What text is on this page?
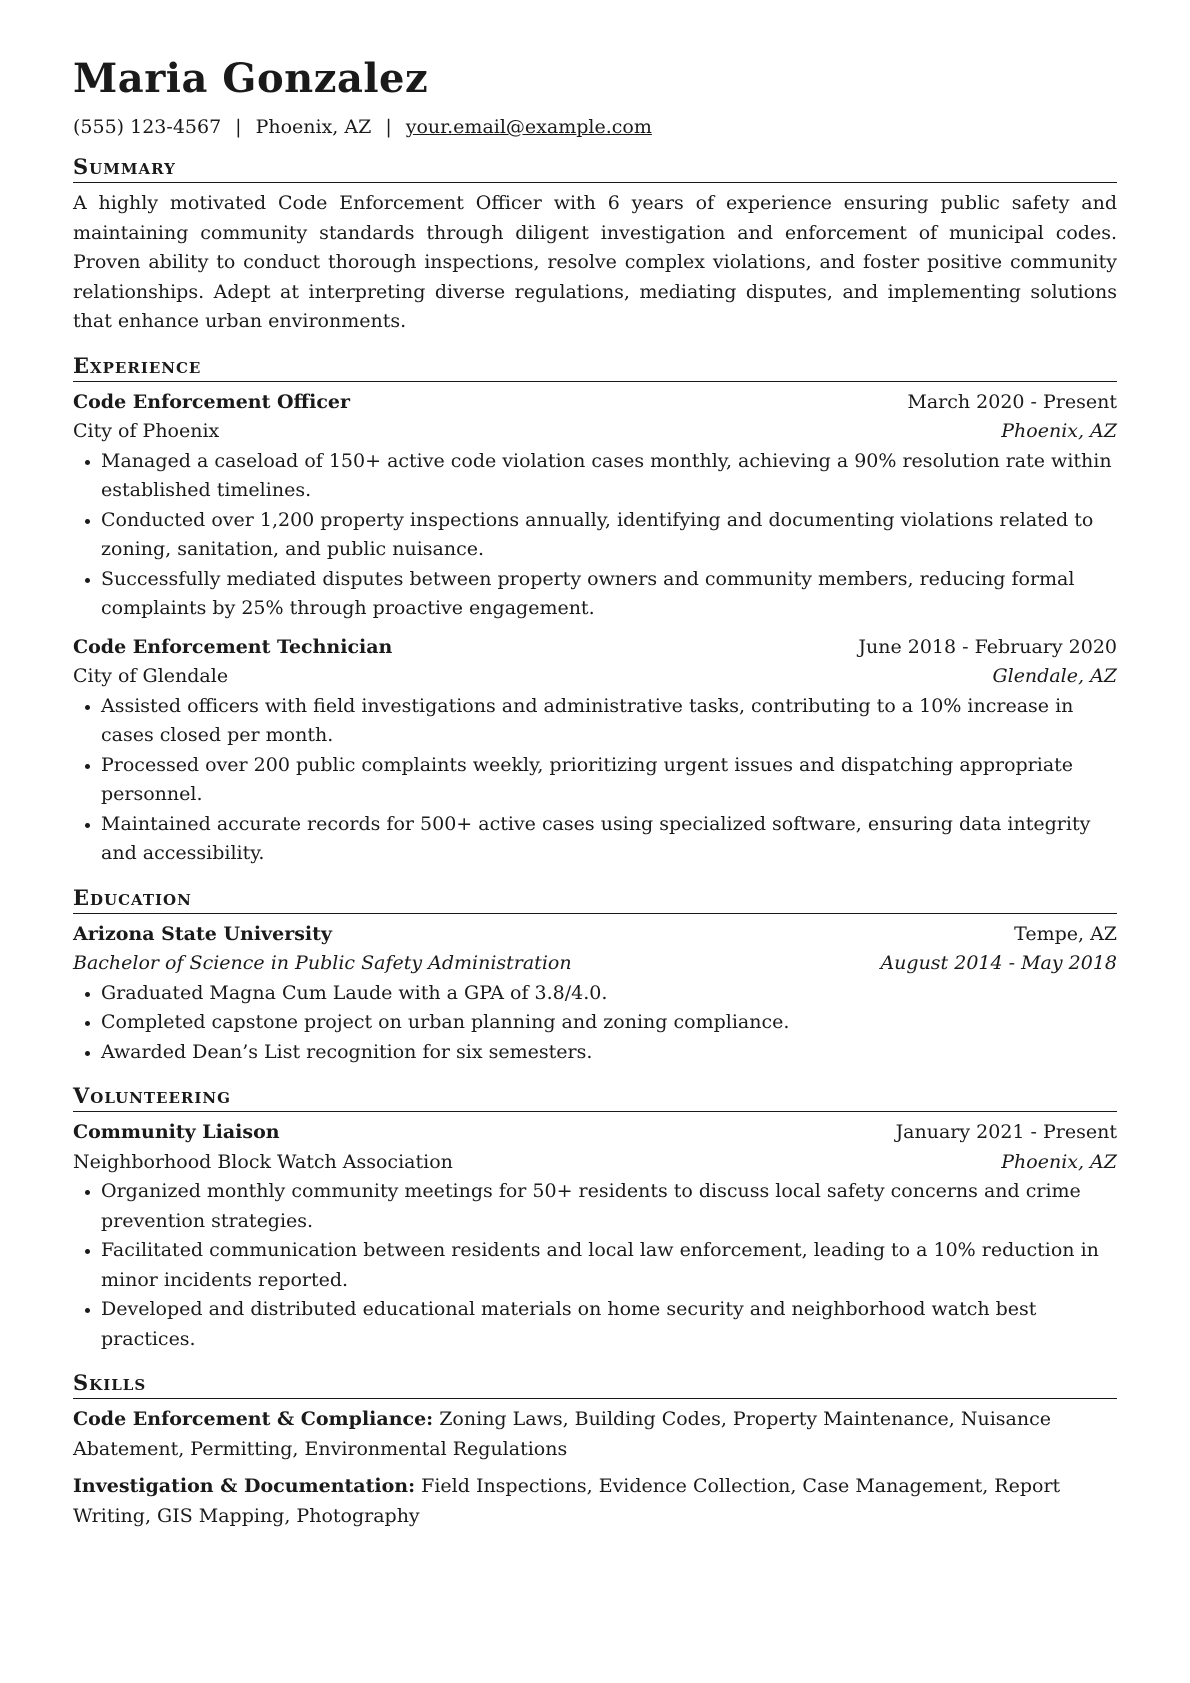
Maria Gonzalez
(555) 123-4567 | Phoenix, AZ | your.email@example.com
Summary

A highly motivated Code Enforcement Officer with 6 years of experience ensuring public safety and maintaining community standards through diligent investigation and enforcement of municipal codes. Proven ability to conduct thorough inspections, resolve complex violations, and foster positive community relationships. Adept at interpreting diverse regulations, mediating disputes, and implementing solutions that enhance urban environments.

Experience
Code Enforcement Officer	March 2020 - Present
City of Phoenix	Phoenix, AZ
• Managed a caseload of 150+ active code violation cases monthly, achieving a 90% resolution rate within established timelines.
• Conducted over 1,200 property inspections annually, identifying and documenting violations related to zoning, sanitation, and public nuisance.
• Successfully mediated disputes between property owners and community members, reducing formal complaints by 25% through proactive engagement.
Code Enforcement Technician	June 2018 - February 2020
City of Glendale	Glendale, AZ
• Assisted officers with field investigations and administrative tasks, contributing to a 10% increase in cases closed per month.
• Processed over 200 public complaints weekly, prioritizing urgent issues and dispatching appropriate personnel.
• Maintained accurate records for 500+ active cases using specialized software, ensuring data integrity and accessibility.
Education
Arizona State University	Tempe, AZ
Bachelor of Science in Public Safety Administration	August 2014 - May 2018
• Graduated Magna Cum Laude with a GPA of 3.8/4.0.
• Completed capstone project on urban planning and zoning compliance.
• Awarded Dean’s List recognition for six semesters.
Volunteering
Community Liaison	January 2021 - Present
Neighborhood Block Watch Association	Phoenix, AZ
• Organized monthly community meetings for 50+ residents to discuss local safety concerns and crime prevention strategies.
• Facilitated communication between residents and local law enforcement, leading to a 10% reduction in minor incidents reported.
• Developed and distributed educational materials on home security and neighborhood watch best practices.
Skills

Code Enforcement & Compliance: Zoning Laws, Building Codes, Property Maintenance, Nuisance Abatement, Permitting, Environmental Regulations

Investigation & Documentation: Field Inspections, Evidence Collection, Case Management, Report Writing, GIS Mapping, Photography
